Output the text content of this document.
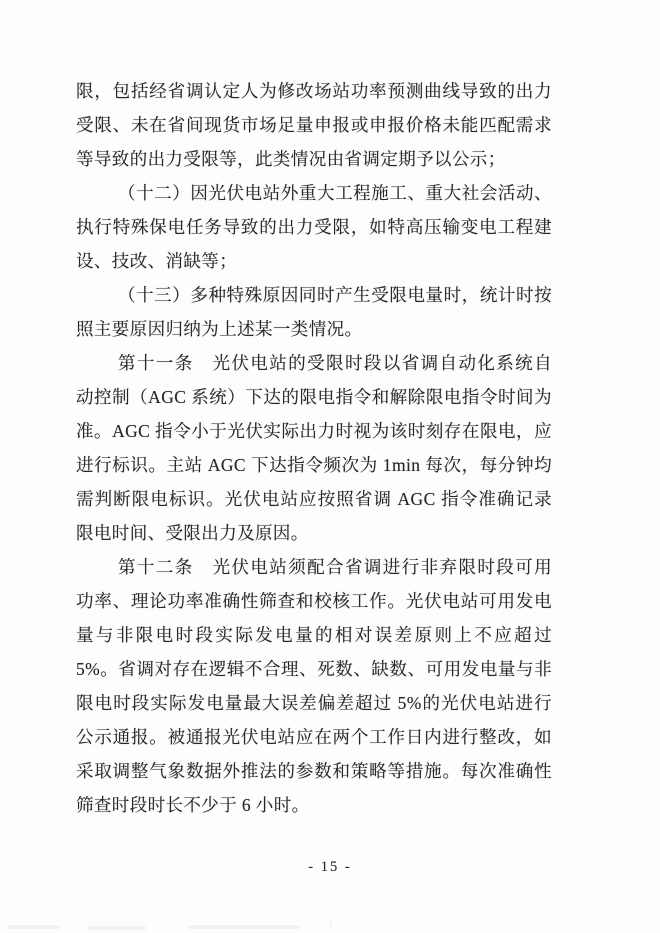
限，包括经省调认定人为修改场站功率预测曲线导致的出力
受限、未在省间现货市场足量申报或申报价格未能匹配需求
等导致的出力受限等，此类情况由省调定期予以公示；
（十二）因光伏电站外重大工程施工、重大社会活动、
执行特殊保电任务导致的出力受限，如特高压输变电工程建
设、技改、消缺等；
（十三）多种特殊原因同时产生受限电量时，统计时按
照主要原因归纳为上述某一类情况。
第十一条　光伏电站的受限时段以省调自动化系统自
动控制（AGC 系统）下达的限电指令和解除限电指令时间为
准。AGC 指令小于光伏实际出力时视为该时刻存在限电，应
进行标识。主站 AGC 下达指令频次为 1min 每次，每分钟均
需判断限电标识。光伏电站应按照省调 AGC 指令准确记录
限电时间、受限出力及原因。
第十二条　光伏电站须配合省调进行非弃限时段可用
功率、理论功率准确性筛查和校核工作。光伏电站可用发电
量与非限电时段实际发电量的相对误差原则上不应超过
5%。省调对存在逻辑不合理、死数、缺数、可用发电量与非
限电时段实际发电量最大误差偏差超过 5%的光伏电站进行
公示通报。被通报光伏电站应在两个工作日内进行整改，如
采取调整气象数据外推法的参数和策略等措施。每次准确性
筛查时段时长不少于 6 小时。
- 15 -
